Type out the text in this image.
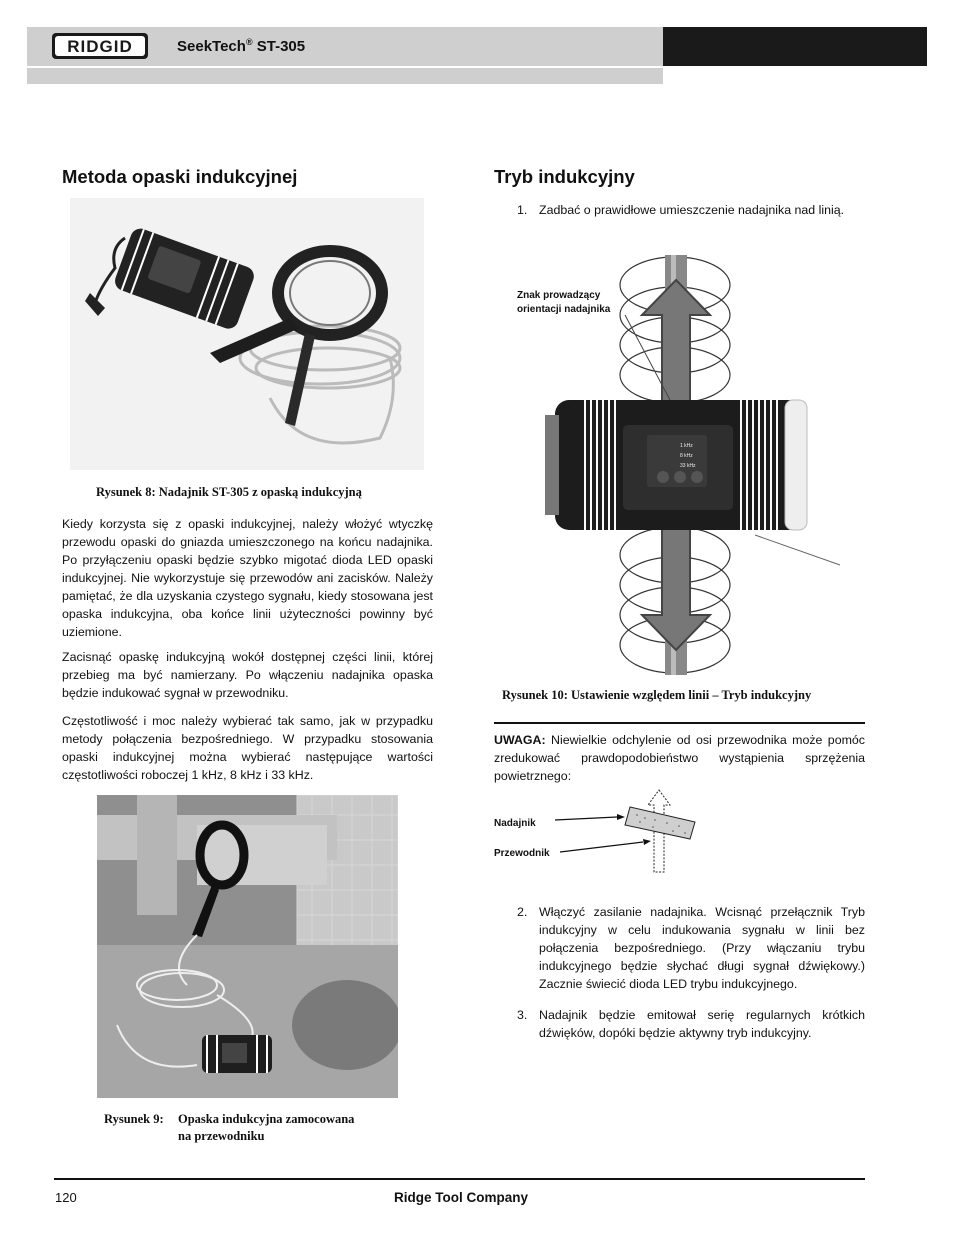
RIDGID	SeekTech® ST-305
Metoda opaski indukcyjnej

Rysunek 8: Nadajnik ST-305 z opaską indukcyjną

Kiedy korzysta się z opaski indukcyjnej, należy włożyć wtyczkę przewodu opaski do gniazda umieszczonego na końcu nadajnika. Po przyłączeniu opaski będzie szybko migotać dioda LED opaski indukcyjnej. Nie wykorzystuje się przewodów ani zacisków. Należy pamiętać, że dla uzyskania czystego sygnału, kiedy stosowana jest opaska indukcyjna, oba końce linii użyteczności powinny być uziemione.

Zacisnąć opaskę indukcyjną wokół dostępnej części linii, której przebieg ma być namierzany. Po włączeniu nadajnika opaska będzie indukować sygnał w przewodniku.

Częstotliwość i moc należy wybierać tak samo, jak w przypadku metody połączenia bezpośredniego. W przypadku stosowania opaski indukcyjnej można wybierać następujące wartości częstotliwości roboczej 1 kHz, 8 kHz i 33 kHz.

Rysunek 9: Opaska indukcyjna zamocowana
na przewodniku
Tryb indukcyjny
1. Zadbać o prawidłowe umieszczenie nadajnika nad linią.
1 kHz
8 kHz
33 kHz
Znak prowadzący
orientacji nadajnika

Rysunek 10: Ustawienie względem linii – Tryb indukcyjny

UWAGA: Niewielkie odchylenie od osi przewodnika może pomóc zredukować prawdopodobieństwo wystąpienia sprzężenia powietrznego:

Nadajnik
Przewodnik
2. Włączyć zasilanie nadajnika. Wcisnąć przełącznik Tryb indukcyjny w celu indukowania sygnału w linii bez połączenia bezpośredniego. (Przy włączaniu trybu indukcyjnego będzie słychać długi sygnał dźwiękowy.) Zacznie świecić dioda LED trybu indukcyjnego.
3. Nadajnik będzie emitował serię regularnych krótkich dźwięków, dopóki będzie aktywny tryb indukcyjny.
120	Ridge Tool Company
